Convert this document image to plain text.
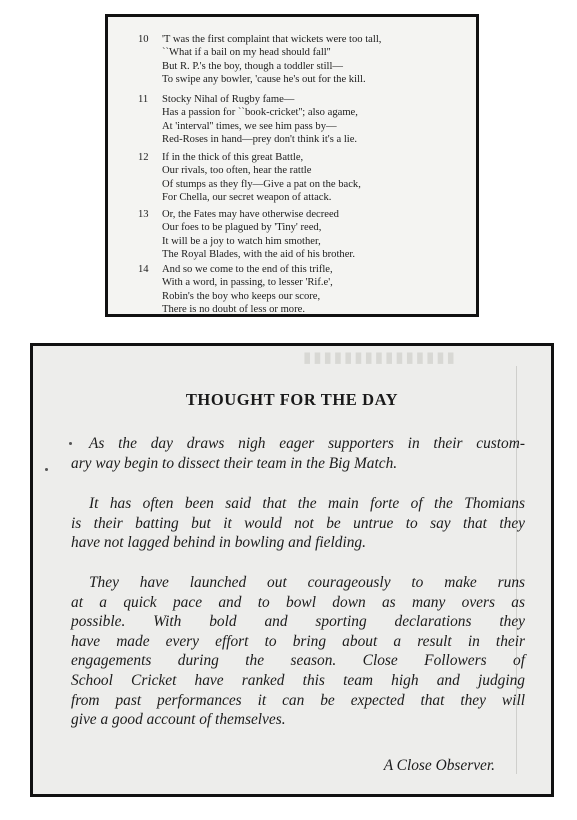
10	'T was the first complaint that wickets were too tall,
``What if a bail on my head should fall''
But R. P.'s the boy, though a toddler still—
To swipe any bowler, 'cause he's out for the kill.
11	Stocky Nihal of Rugby fame—
Has a passion for ``book-cricket''; also agame,
At 'interval'' times, we see him pass by—
Red-Roses in hand—prey don't think it's a lie.
12	If in the thick of this great Battle,
Our rivals, too often, hear the rattle
Of stumps as they fly—Give a pat on the back,
For Chella, our secret weapon of attack.
13	Or, the Fates may have otherwise decreed
Our foes to be plagued by 'Tiny' reed,
It will be a joy to watch him smother,
The Royal Blades, with the aid of his brother.
14	And so we come to the end of this trifle,
With a word, in passing, to lesser 'Rif.e',
Robin's the boy who keeps our score,
There is no doubt of less or more.
▮▮▮▮▮▮▮▮▮▮▮▮▮▮▮
THOUGHT FOR THE DAY
As the day draws nigh eager supporters in their custom-
ary way begin to dissect their team in the Big Match.
It has often been said that the main forte of the Thomians
is their batting but it would not be untrue to say that they
have not lagged behind in bowling and fielding.
They have launched out courageously to make runs
at a quick pace and to bowl down as many overs as
possible. With bold and sporting declarations they
have made every effort to bring about a result in their
engagements during the season. Close Followers of
School Cricket have ranked this team high and judging
from past performances it can be expected that they will
give a good account of themselves.
A Close Observer.
